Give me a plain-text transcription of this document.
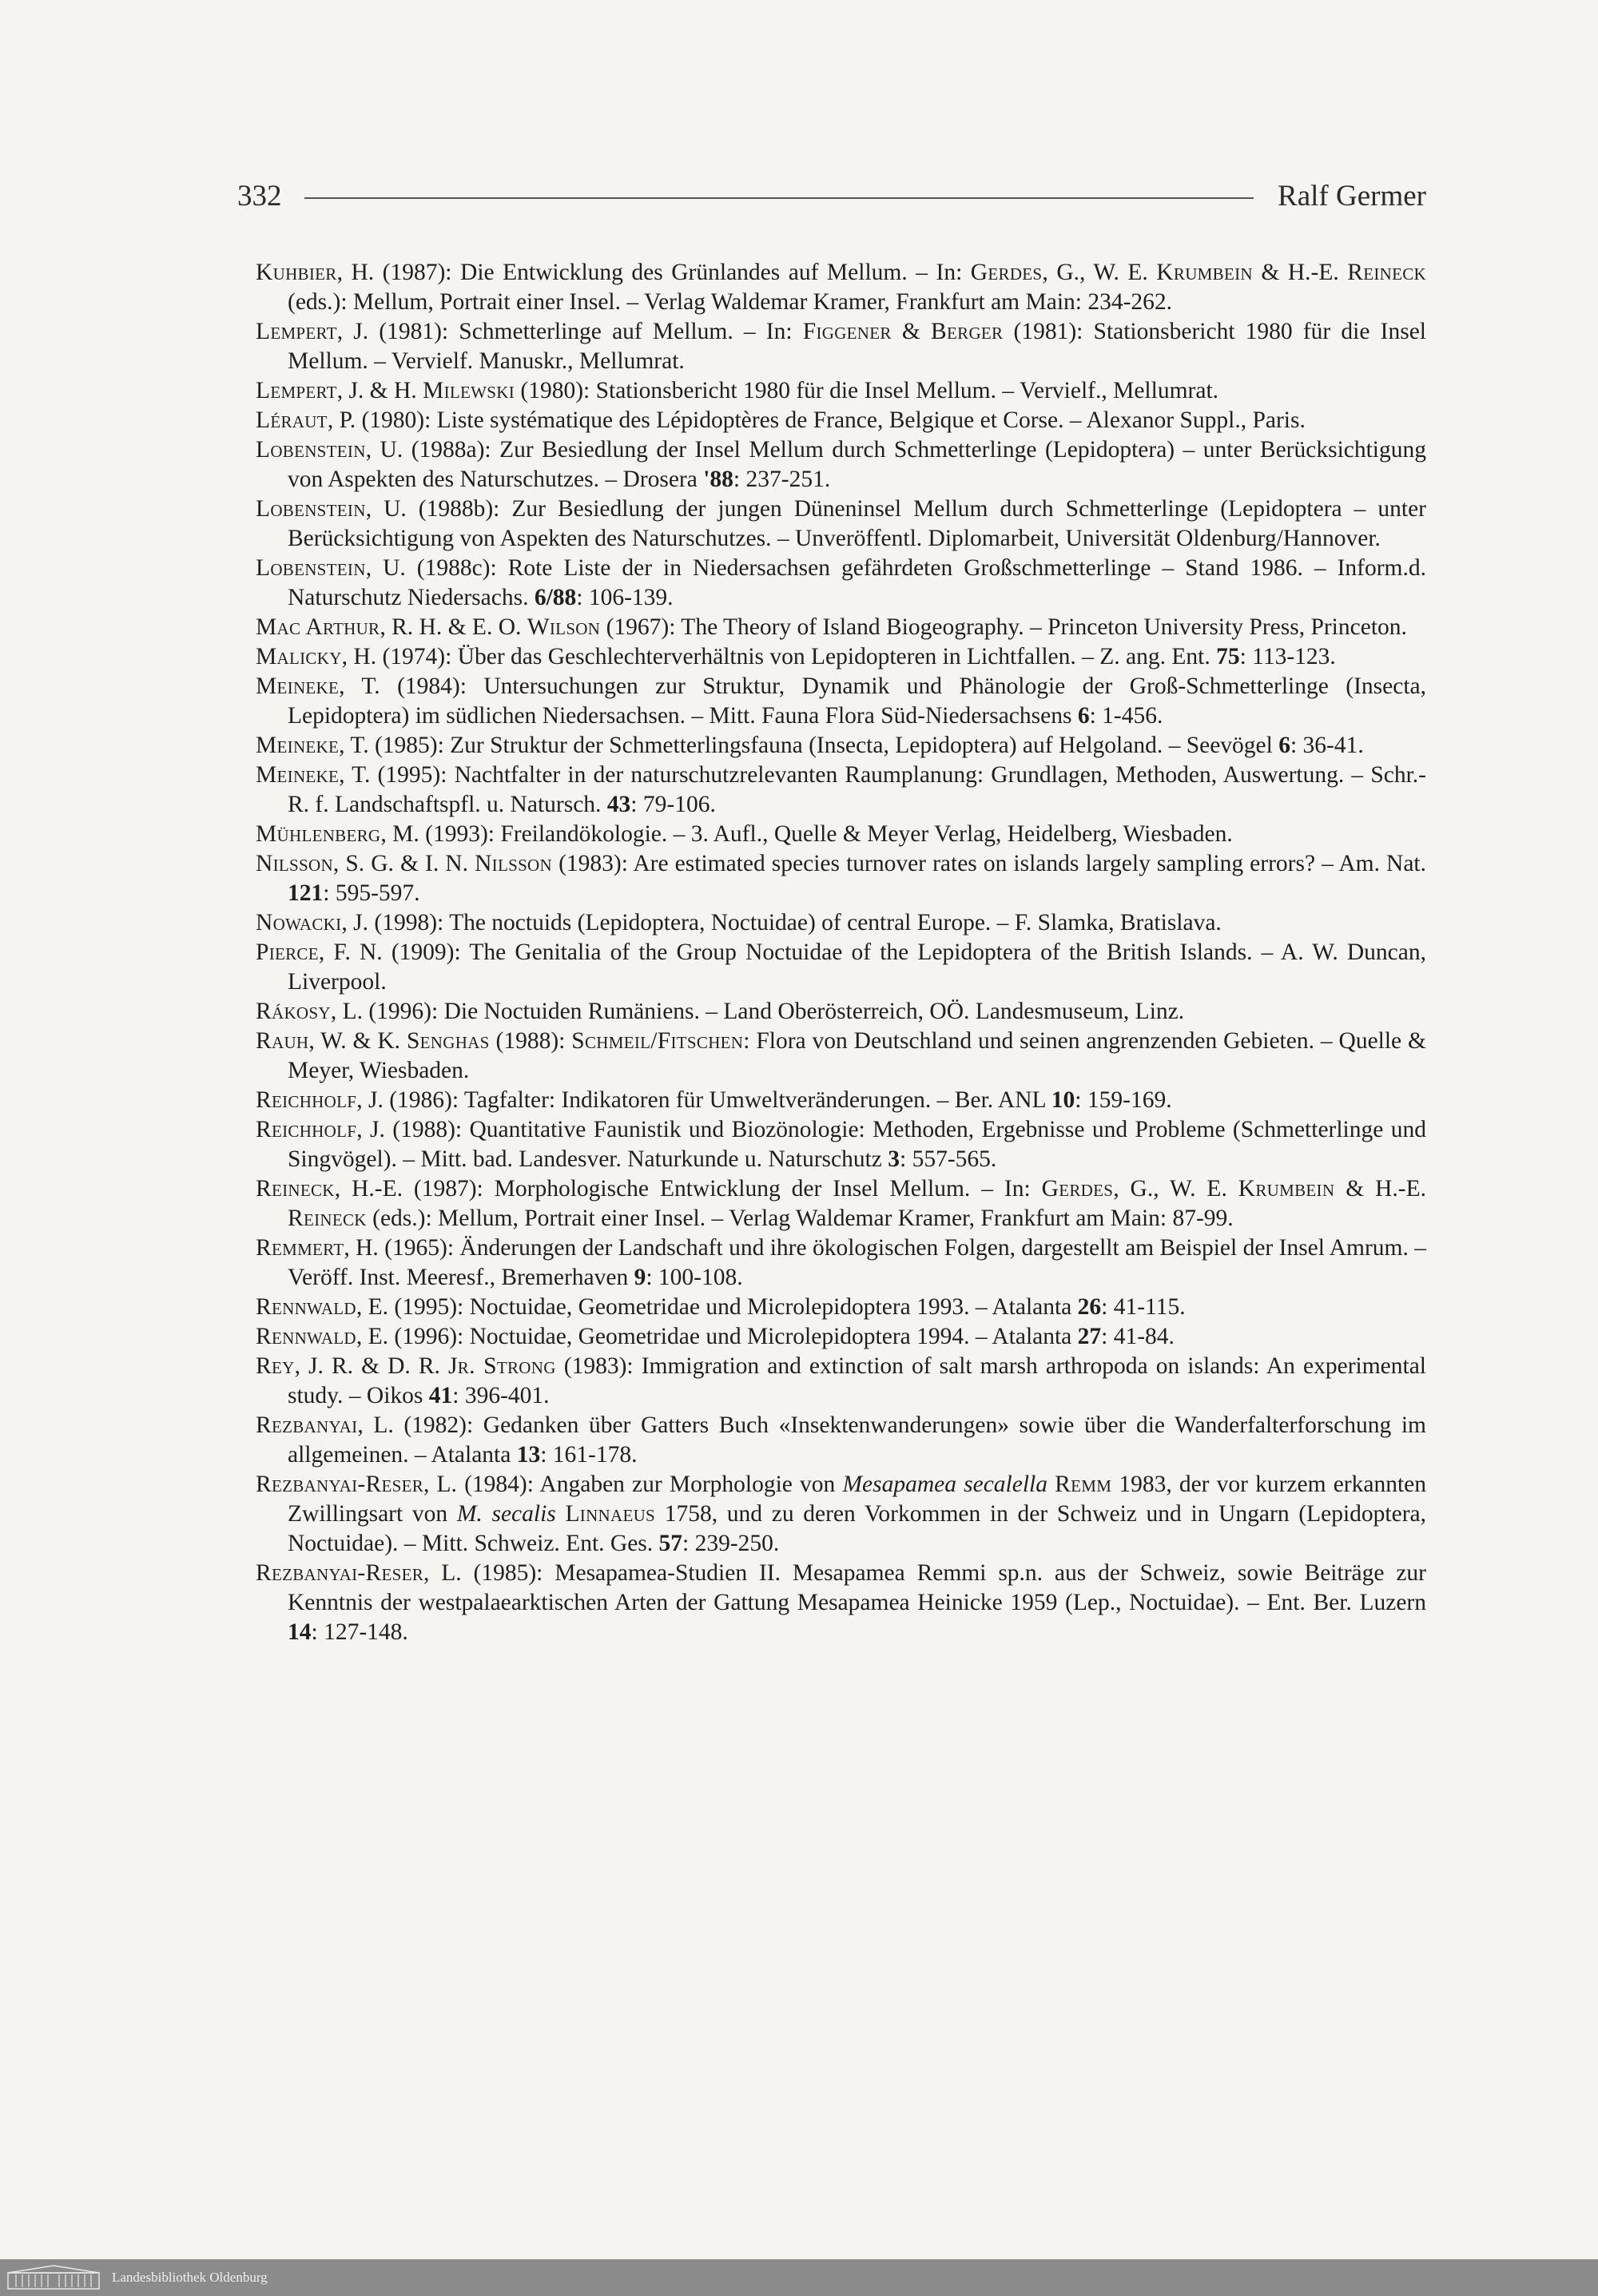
332	Ralf Germer

Kuhbier, H. (1987): Die Entwicklung des Grünlandes auf Mellum. – In: Gerdes, G., W. E. Krumbein & H.-E. Reineck (eds.): Mellum, Portrait einer Insel. – Verlag Waldemar Kramer, Frankfurt am Main: 234-262.

Lempert, J. (1981): Schmetterlinge auf Mellum. – In: Figgener & Berger (1981): Stationsbericht 1980 für die Insel Mellum. – Vervielf. Manuskr., Mellumrat.

Lempert, J. & H. Milewski (1980): Stationsbericht 1980 für die Insel Mellum. – Vervielf., Mellumrat.

Léraut, P. (1980): Liste systématique des Lépidoptères de France, Belgique et Corse. – Alexanor Suppl., Paris.

Lobenstein, U. (1988a): Zur Besiedlung der Insel Mellum durch Schmetterlinge (Lepidoptera) – unter Berücksichtigung von Aspekten des Naturschutzes. – Drosera '88: 237-251.

Lobenstein, U. (1988b): Zur Besiedlung der jungen Düneninsel Mellum durch Schmetterlinge (Lepidoptera – unter Berücksichtigung von Aspekten des Naturschutzes. – Unveröffentl. Diplomarbeit, Universität Oldenburg/Hannover.

Lobenstein, U. (1988c): Rote Liste der in Niedersachsen gefährdeten Großschmetterlinge – Stand 1986. – Inform.d. Naturschutz Niedersachs. 6/88: 106-139.

Mac Arthur, R. H. & E. O. Wilson (1967): The Theory of Island Biogeography. – Princeton University Press, Princeton.

Malicky, H. (1974): Über das Geschlechterverhältnis von Lepidopteren in Lichtfallen. – Z. ang. Ent. 75: 113-123.

Meineke, T. (1984): Untersuchungen zur Struktur, Dynamik und Phänologie der Groß-Schmetterlinge (Insecta, Lepidoptera) im südlichen Niedersachsen. – Mitt. Fauna Flora Süd-Niedersachsens 6: 1-456.

Meineke, T. (1985): Zur Struktur der Schmetterlingsfauna (Insecta, Lepidoptera) auf Helgoland. – Seevögel 6: 36-41.

Meineke, T. (1995): Nachtfalter in der naturschutzrelevanten Raumplanung: Grundlagen, Methoden, Auswertung. – Schr.-R. f. Landschaftspfl. u. Natursch. 43: 79-106.

Mühlenberg, M. (1993): Freilandökologie. – 3. Aufl., Quelle & Meyer Verlag, Heidelberg, Wiesbaden.

Nilsson, S. G. & I. N. Nilsson (1983): Are estimated species turnover rates on islands largely sampling errors? – Am. Nat. 121: 595-597.

Nowacki, J. (1998): The noctuids (Lepidoptera, Noctuidae) of central Europe. – F. Slamka, Bratislava.

Pierce, F. N. (1909): The Genitalia of the Group Noctuidae of the Lepidoptera of the British Islands. – A. W. Duncan, Liverpool.

Rákosy, L. (1996): Die Noctuiden Rumäniens. – Land Oberösterreich, OÖ. Landesmuseum, Linz.

Rauh, W. & K. Senghas (1988): Schmeil/Fitschen: Flora von Deutschland und seinen angrenzenden Gebieten. – Quelle & Meyer, Wiesbaden.

Reichholf, J. (1986): Tagfalter: Indikatoren für Umweltveränderungen. – Ber. ANL 10: 159-169.

Reichholf, J. (1988): Quantitative Faunistik und Biozönologie: Methoden, Ergebnisse und Probleme (Schmetterlinge und Singvögel). – Mitt. bad. Landesver. Naturkunde u. Naturschutz 3: 557-565.

Reineck, H.-E. (1987): Morphologische Entwicklung der Insel Mellum. – In: Gerdes, G., W. E. Krumbein & H.-E. Reineck (eds.): Mellum, Portrait einer Insel. – Verlag Waldemar Kramer, Frankfurt am Main: 87-99.

Remmert, H. (1965): Änderungen der Landschaft und ihre ökologischen Folgen, dargestellt am Beispiel der Insel Amrum. – Veröff. Inst. Meeresf., Bremerhaven 9: 100-108.

Rennwald, E. (1995): Noctuidae, Geometridae und Microlepidoptera 1993. – Atalanta 26: 41-115.

Rennwald, E. (1996): Noctuidae, Geometridae und Microlepidoptera 1994. – Atalanta 27: 41-84.

Rey, J. R. & D. R. Jr. Strong (1983): Immigration and extinction of salt marsh arthropoda on islands: An experimental study. – Oikos 41: 396-401.

Rezbanyai, L. (1982): Gedanken über Gatters Buch «Insektenwanderungen» sowie über die Wanderfalterforschung im allgemeinen. – Atalanta 13: 161-178.

Rezbanyai-Reser, L. (1984): Angaben zur Morphologie von Mesapamea secalella Remm 1983, der vor kurzem erkannten Zwillingsart von M. secalis Linnaeus 1758, und zu deren Vorkommen in der Schweiz und in Ungarn (Lepidoptera, Noctuidae). – Mitt. Schweiz. Ent. Ges. 57: 239-250.

Rezbanyai-Reser, L. (1985): Mesapamea-Studien II. Mesapamea Remmi sp.n. aus der Schweiz, sowie Beiträge zur Kenntnis der westpalaearktischen Arten der Gattung Mesapamea Heinicke 1959 (Lep., Noctuidae). – Ent. Ber. Luzern 14: 127-148.

Landesbibliothek Oldenburg
